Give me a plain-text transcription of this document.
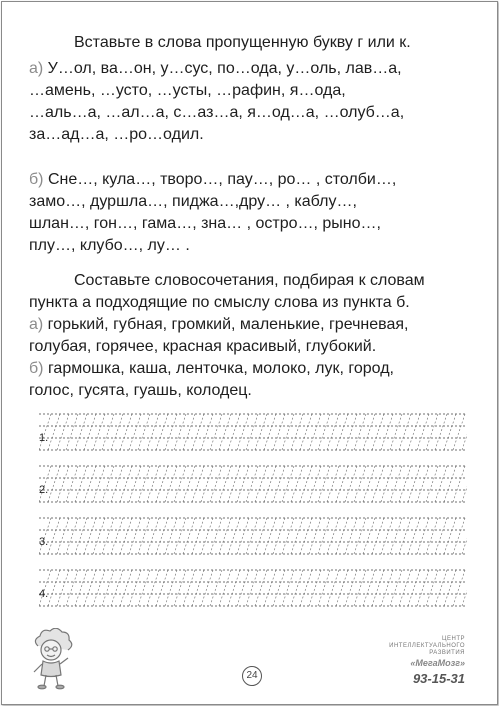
Вставьте в слова пропущенную букву г или к.
а) У…ол, ва…он, у…сус, по…ода, у…оль, лав…а,
…амень, …усто, …усты, …рафин, я…ода,
…аль…а, …ал…а, с…аз…а, я…од…а, …олуб…а,
за…ад…а, …ро…одил.
б) Сне…, кула…, творо…, пау…, ро… , столби…,
замо…, дуршла…, пиджа…,дру… , каблу…,
шлан…, гон…, гама…, зна… , остро…, рыно…,
плу…, клубо…, лу… .
Составьте словосочетания, подбирая к словам
пункта а подходящие по смыслу слова из пункта б.
а) горький, губная, громкий, маленькие, гречневая,
голубая, горячее, красная красивый, глубокий.
б) гармошка, каша, ленточка, молоко, лук, город,
голос, гусята, гуашь, колодец.
1.
2.
3.
4.
24
ЦЕНТР
ИНТЕЛЛЕКТУАЛЬНОГО
РАЗВИТИЯ
«МегаМозг»
93-15-31
